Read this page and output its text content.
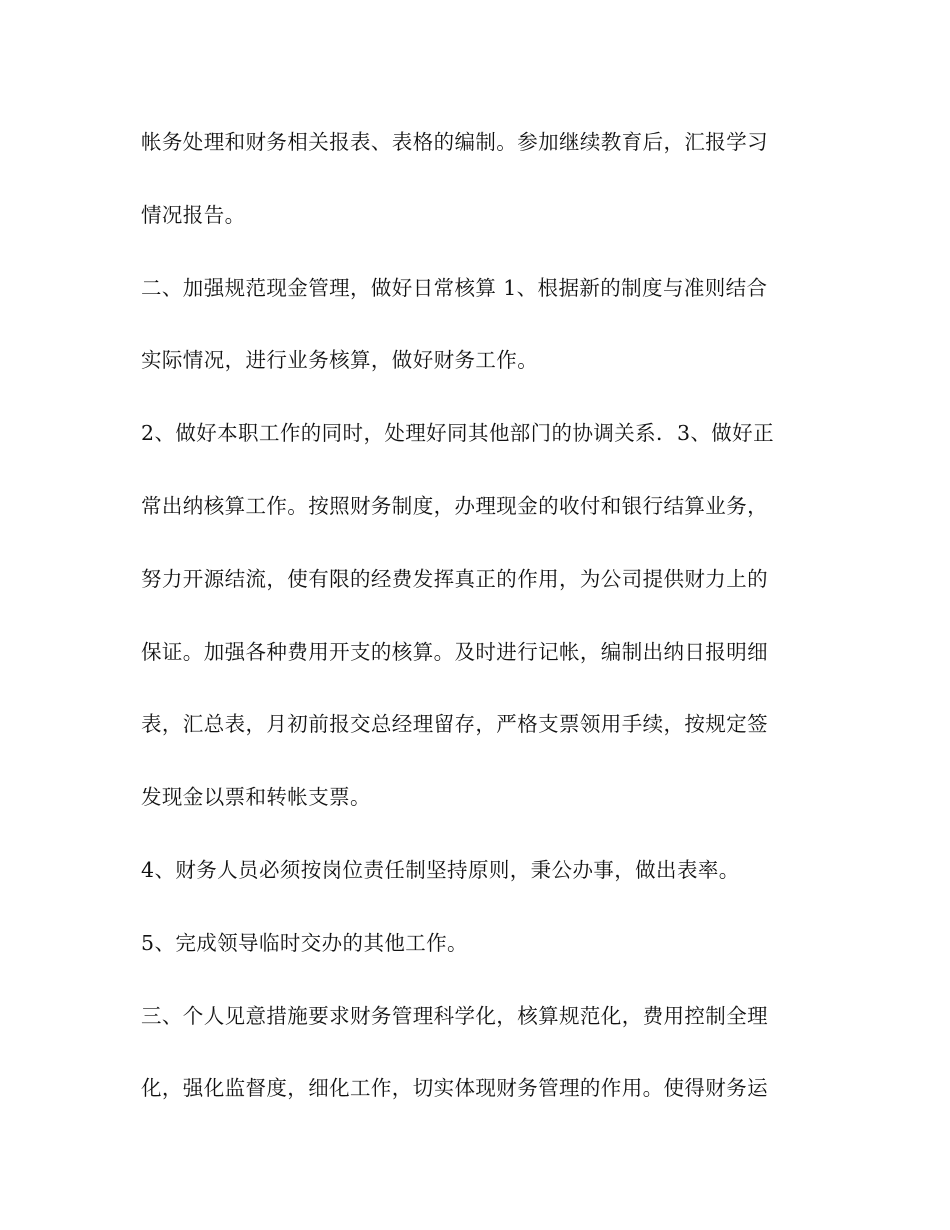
帐务处理和财务相关报表、表格的编制。参加继续教育后，汇报学习
情况报告。
二、加强规范现金管理，做好日常核算 1、根据新的制度与准则结合
实际情况，进行业务核算，做好财务工作。
2、做好本职工作的同时，处理好同其他部门的协调关系．3、做好正
常出纳核算工作。按照财务制度，办理现金的收付和银行结算业务，
努力开源结流，使有限的经费发挥真正的作用，为公司提供财力上的
保证。加强各种费用开支的核算。及时进行记帐，编制出纳日报明细
表，汇总表，月初前报交总经理留存，严格支票领用手续，按规定签
发现金以票和转帐支票。
4、财务人员必须按岗位责任制坚持原则，秉公办事，做出表率。
5、完成领导临时交办的其他工作。
三、个人见意措施要求财务管理科学化，核算规范化，费用控制全理
化，强化监督度，细化工作，切实体现财务管理的作用。使得财务运
